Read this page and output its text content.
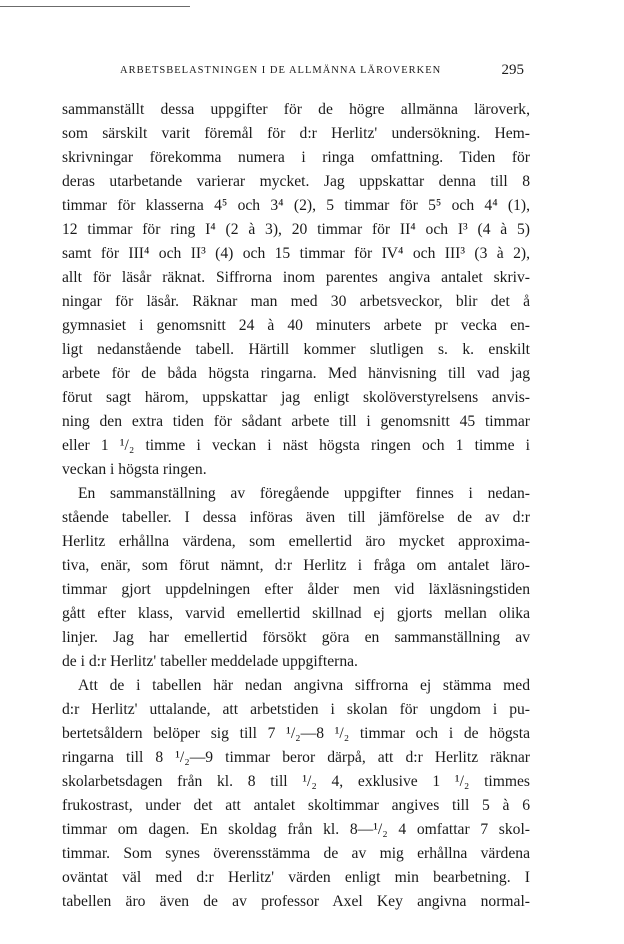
ARBETSBELASTNINGEN I DE ALLMÄNNA LÄROVERKEN	295
sammanställt dessa uppgifter för de högre allmänna läroverk,
som särskilt varit föremål för d:r Herlitz' undersökning. Hem-
skrivningar förekomma numera i ringa omfattning. Tiden för
deras utarbetande varierar mycket. Jag uppskattar denna till 8
timmar för klasserna 4⁵ och 3⁴ (2), 5 timmar för 5⁵ och 4⁴ (1),
12 timmar för ring I⁴ (2 à 3), 20 timmar för II⁴ och I³ (4 à 5)
samt för III⁴ och II³ (4) och 15 timmar för IV⁴ och III³ (3 à 2),
allt för läsår räknat. Siffrorna inom parentes angiva antalet skriv-
ningar för läsår. Räknar man med 30 arbetsveckor, blir det å
gymnasiet i genomsnitt 24 à 40 minuters arbete pr vecka en-
ligt nedanstående tabell. Härtill kommer slutligen s. k. enskilt
arbete för de båda högsta ringarna. Med hänvisning till vad jag
förut sagt härom, uppskattar jag enligt skolöverstyrelsens anvis-
ning den extra tiden för sådant arbete till i genomsnitt 45 timmar
eller 1 ¹/₂ timme i veckan i näst högsta ringen och 1 timme i
veckan i högsta ringen.
En sammanställning av föregående uppgifter finnes i nedan-
stående tabeller. I dessa införas även till jämförelse de av d:r
Herlitz erhållna värdena, som emellertid äro mycket approxima-
tiva, enär, som förut nämnt, d:r Herlitz i fråga om antalet läro-
timmar gjort uppdelningen efter ålder men vid läxläsningstiden
gått efter klass, varvid emellertid skillnad ej gjorts mellan olika
linjer. Jag har emellertid försökt göra en sammanställning av
de i d:r Herlitz' tabeller meddelade uppgifterna.
Att de i tabellen här nedan angivna siffrorna ej stämma med
d:r Herlitz' uttalande, att arbetstiden i skolan för ungdom i pu-
bertetsåldern belöper sig till 7 ¹/₂—8 ¹/₂ timmar och i de högsta
ringarna till 8 ¹/₂—9 timmar beror därpå, att d:r Herlitz räknar
skolarbetsdagen från kl. 8 till ¹/₂ 4, exklusive 1 ¹/₂ timmes
frukostrast, under det att antalet skoltimmar angives till 5 à 6
timmar om dagen. En skoldag från kl. 8—¹/₂ 4 omfattar 7 skol-
timmar. Som synes överensstämma de av mig erhållna värdena
oväntat väl med d:r Herlitz' värden enligt min bearbetning. I
tabellen äro även de av professor Axel Key angivna normal-
